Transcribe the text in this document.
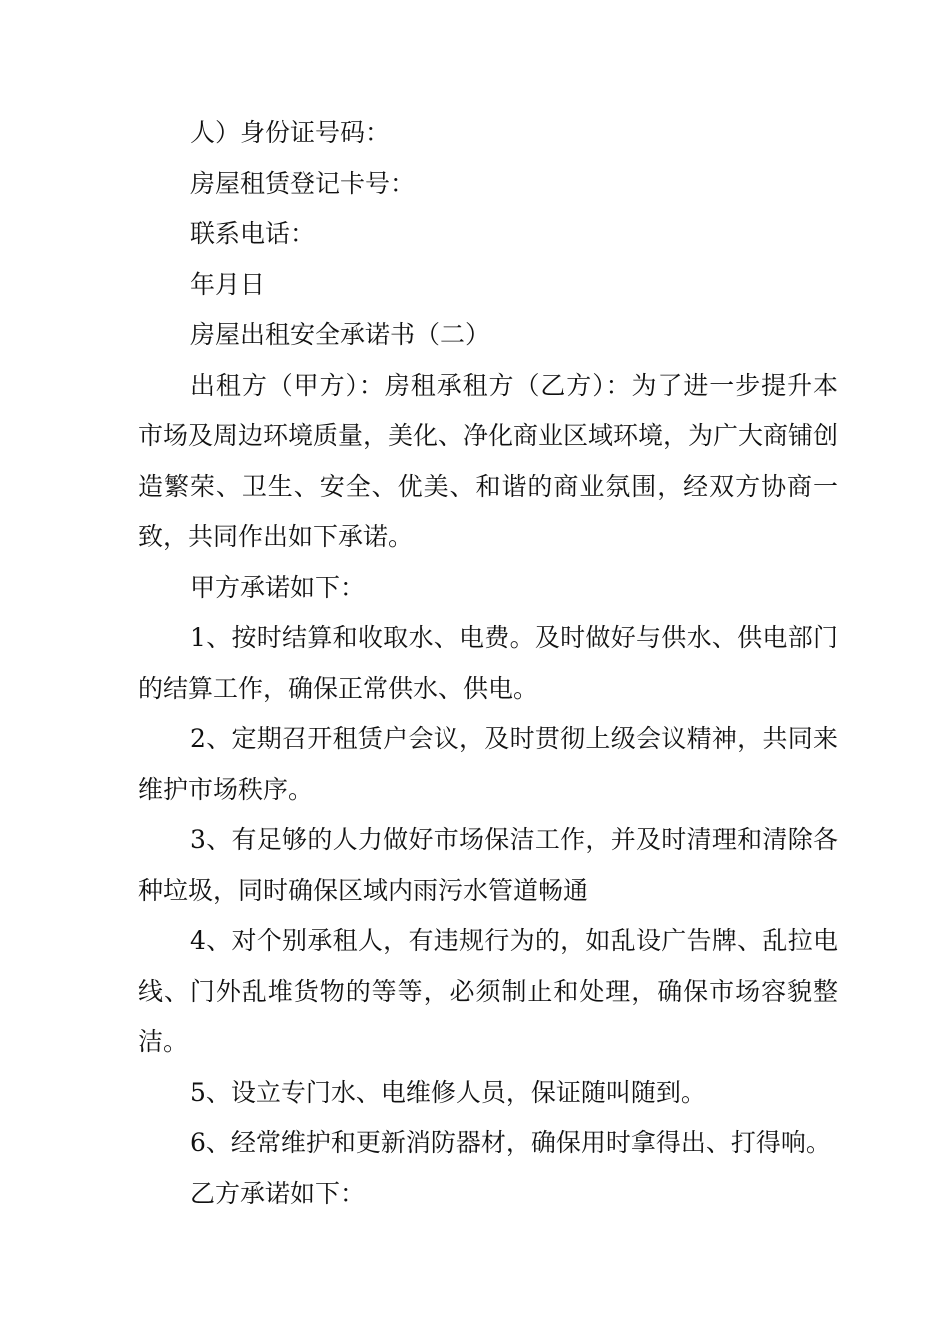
人）身份证号码：

房屋租赁登记卡号：

联系电话：

年月日

房屋出租安全承诺书（二）

出租方（甲方）：房租承租方（乙方）：为了进一步提升本市场及周边环境质量，美化、净化商业区域环境，为广大商铺创造繁荣、卫生、安全、优美、和谐的商业氛围，经双方协商一致，共同作出如下承诺。

甲方承诺如下：

1、按时结算和收取水、电费。及时做好与供水、供电部门的结算工作，确保正常供水、供电。

2、定期召开租赁户会议，及时贯彻上级会议精神，共同来维护市场秩序。

3、有足够的人力做好市场保洁工作，并及时清理和清除各种垃圾，同时确保区域内雨污水管道畅通

4、对个别承租人，有违规行为的，如乱设广告牌、乱拉电线、门外乱堆货物的等等，必须制止和处理，确保市场容貌整洁。

5、设立专门水、电维修人员，保证随叫随到。

6、经常维护和更新消防器材，确保用时拿得出、打得响。

乙方承诺如下：
